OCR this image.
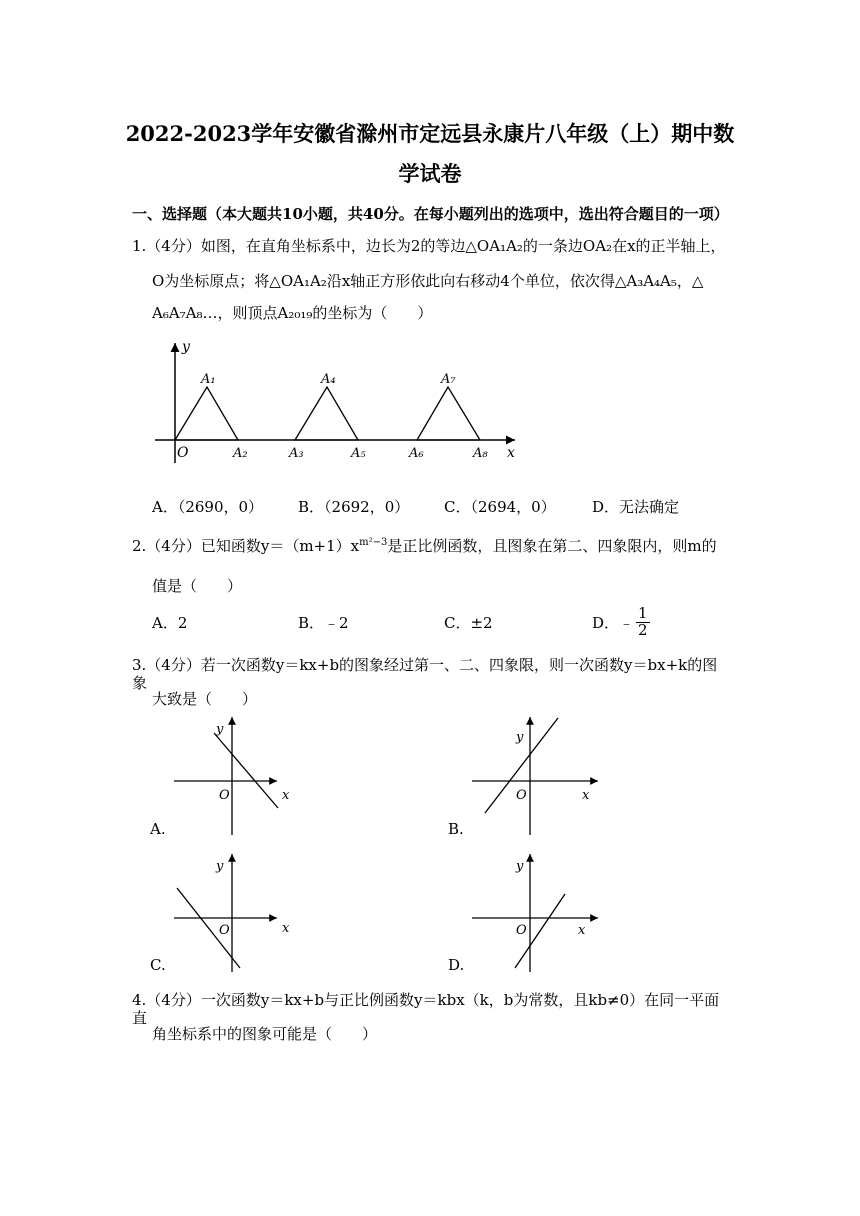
2022-2023学年安徽省滁州市定远县永康片八年级（上）期中数
学试卷
一、选择题（本大题共10小题，共40分。在每小题列出的选项中，选出符合题目的一项）
1.（4分）如图，在直角坐标系中，边长为2的等边△OA₁A₂的一条边OA₂在x的正半轴上，
O为坐标原点；将△OA₁A₂沿x轴正方形依此向右移动4个单位，依次得△A₃A₄A₅，△
A₆A₇A₈…，则顶点A₂₀₁₉的坐标为（　　）
y
x
O
A₁
A₂	A₃
A₄
A₅	A₆
A₇
A₈
A．（2690，0） B．（2692，0） C．（2694，0） D．无法确定
2.（4分）已知函数$y=(m+1)x^{m^2-3}$是正比例函数，且图象在第二、四象限内，则m的
值是（　　）
A．2	B．﹣2	C．±2	D．﹣ $\frac{1}{2}$
3.（4分）若一次函数y＝kx+b的图象经过第一、二、四象限，则一次函数y＝bx+k的图象
大致是（　　）
y
x
O
A.
y
x
O
B.
y
x
O
C.
y
x
O
D.
4.（4分）一次函数y＝kx+b与正比例函数y＝kbx（k，b为常数，且kb≠0）在同一平面直
角坐标系中的图象可能是（　　）
